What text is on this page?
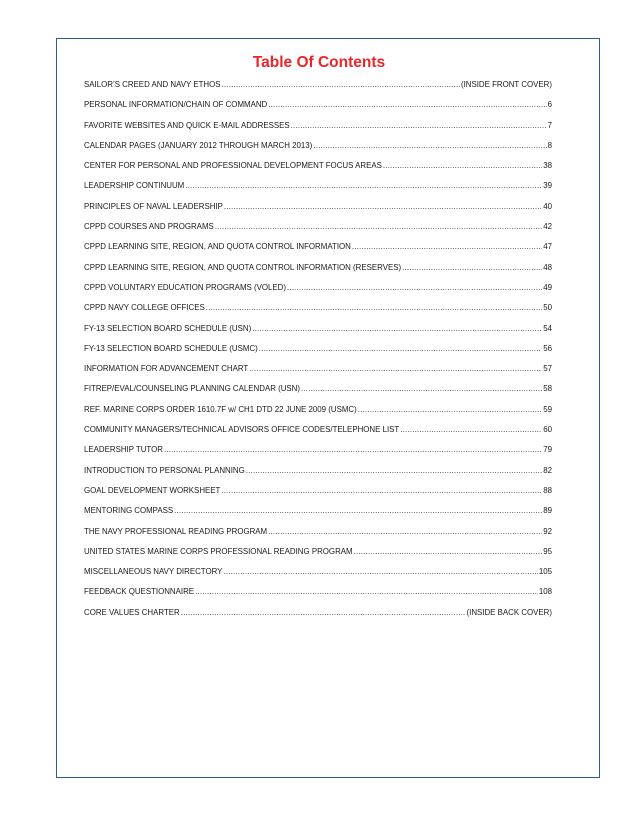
Table Of Contents
SAILOR’S CREED AND NAVY ETHOS .....	(INSIDE FRONT COVER)
PERSONAL INFORMATION/CHAIN OF COMMAND .....	6
FAVORITE WEBSITES AND QUICK E-MAIL ADDRESSES .....	7
CALENDAR PAGES (JANUARY 2012 THROUGH MARCH 2013) .....	8
CENTER FOR PERSONAL AND PROFESSIONAL DEVELOPMENT FOCUS AREAS .....	38
LEADERSHIP CONTINUUM .....	39
PRINCIPLES OF NAVAL LEADERSHIP .....	40
CPPD COURSES AND PROGRAMS .....	42
CPPD LEARNING SITE, REGION, AND QUOTA CONTROL INFORMATION .....	47
CPPD LEARNING SITE, REGION, AND QUOTA CONTROL INFORMATION (RESERVES) .....	48
CPPD VOLUNTARY EDUCATION PROGRAMS (VOLED) .....	49
CPPD NAVY COLLEGE OFFICES .....	50
FY-13 SELECTION BOARD SCHEDULE (USN) .....	54
FY-13 SELECTION BOARD SCHEDULE (USMC) .....	56
INFORMATION FOR ADVANCEMENT CHART .....	57
FITREP/EVAL/COUNSELING PLANNING CALENDAR (USN) .....	58
REF. MARINE CORPS ORDER 1610.7F w/ CH1 DTD 22 JUNE 2009 (USMC) .....	59
COMMUNITY MANAGERS/TECHNICAL ADVISORS OFFICE CODES/TELEPHONE LIST .....	60
LEADERSHIP TUTOR .....	79
INTRODUCTION TO PERSONAL PLANNING .....	82
GOAL DEVELOPMENT WORKSHEET .....	88
MENTORING COMPASS .....	89
THE NAVY PROFESSIONAL READING PROGRAM .....	92
UNITED STATES MARINE CORPS PROFESSIONAL READING PROGRAM .....	95
MISCELLANEOUS NAVY DIRECTORY .....	105
FEEDBACK QUESTIONNAIRE .....	108
CORE VALUES CHARTER .....	(INSIDE BACK COVER)
